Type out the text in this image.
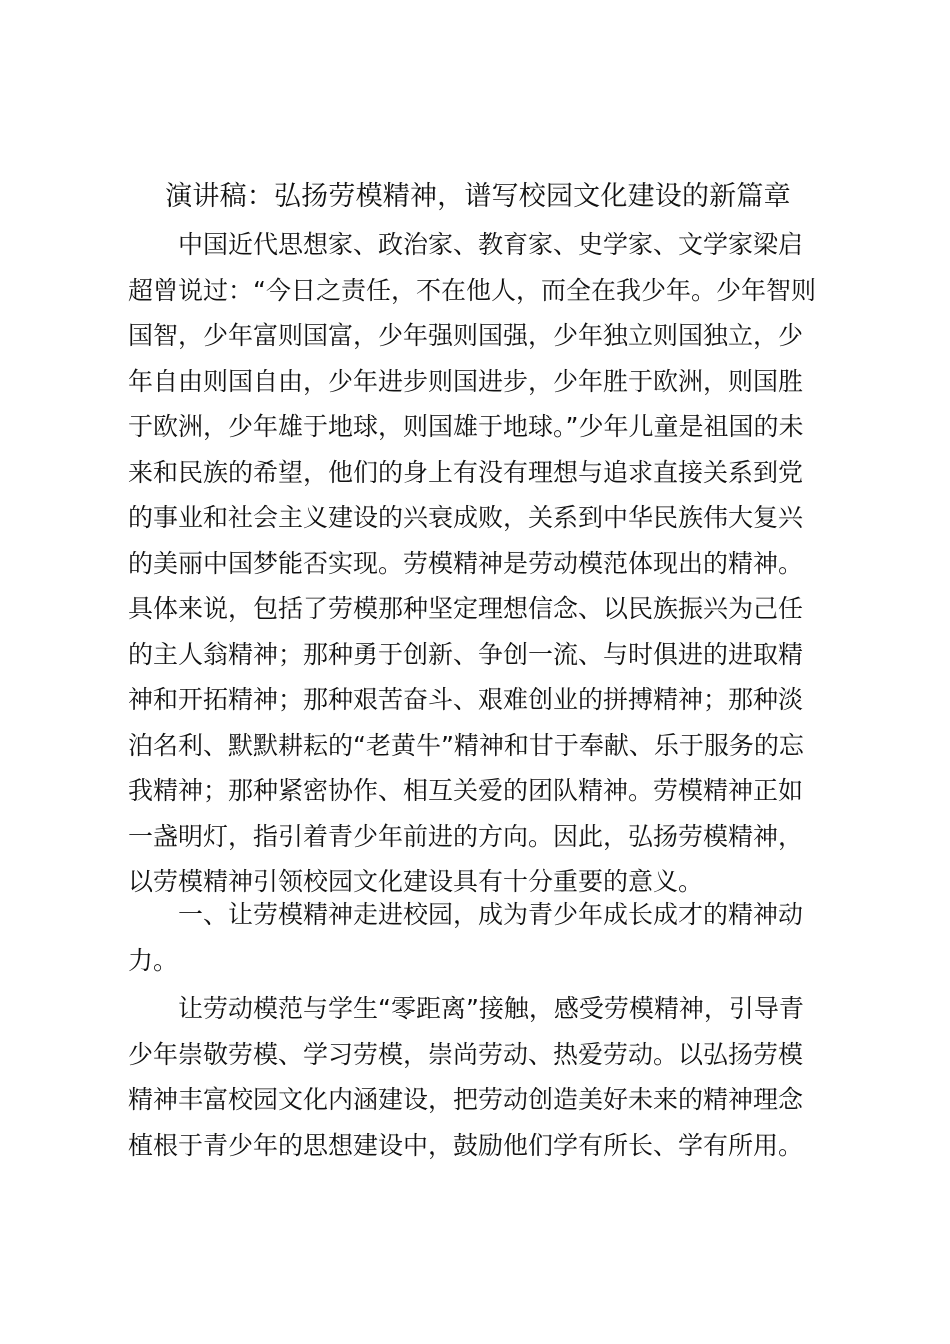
演讲稿：弘扬劳模精神，谱写校园文化建设的新篇章
中国近代思想家、政治家、教育家、史学家、文学家梁启
超曾说过：“今日之责任，不在他人，而全在我少年。少年智则
国智，少年富则国富，少年强则国强，少年独立则国独立，少
年自由则国自由，少年进步则国进步，少年胜于欧洲，则国胜
于欧洲，少年雄于地球，则国雄于地球。”少年儿童是祖国的未
来和民族的希望，他们的身上有没有理想与追求直接关系到党
的事业和社会主义建设的兴衰成败，关系到中华民族伟大复兴
的美丽中国梦能否实现。劳模精神是劳动模范体现出的精神。
具体来说，包括了劳模那种坚定理想信念、以民族振兴为己任
的主人翁精神；那种勇于创新、争创一流、与时俱进的进取精
神和开拓精神；那种艰苦奋斗、艰难创业的拼搏精神；那种淡
泊名利、默默耕耘的“老黄牛”精神和甘于奉献、乐于服务的忘
我精神；那种紧密协作、相互关爱的团队精神。劳模精神正如
一盏明灯，指引着青少年前进的方向。因此，弘扬劳模精神，
以劳模精神引领校园文化建设具有十分重要的意义。
一、让劳模精神走进校园，成为青少年成长成才的精神动
力。
让劳动模范与学生“零距离”接触，感受劳模精神，引导青
少年崇敬劳模、学习劳模，崇尚劳动、热爱劳动。以弘扬劳模
精神丰富校园文化内涵建设，把劳动创造美好未来的精神理念
植根于青少年的思想建设中，鼓励他们学有所长、学有所用。
